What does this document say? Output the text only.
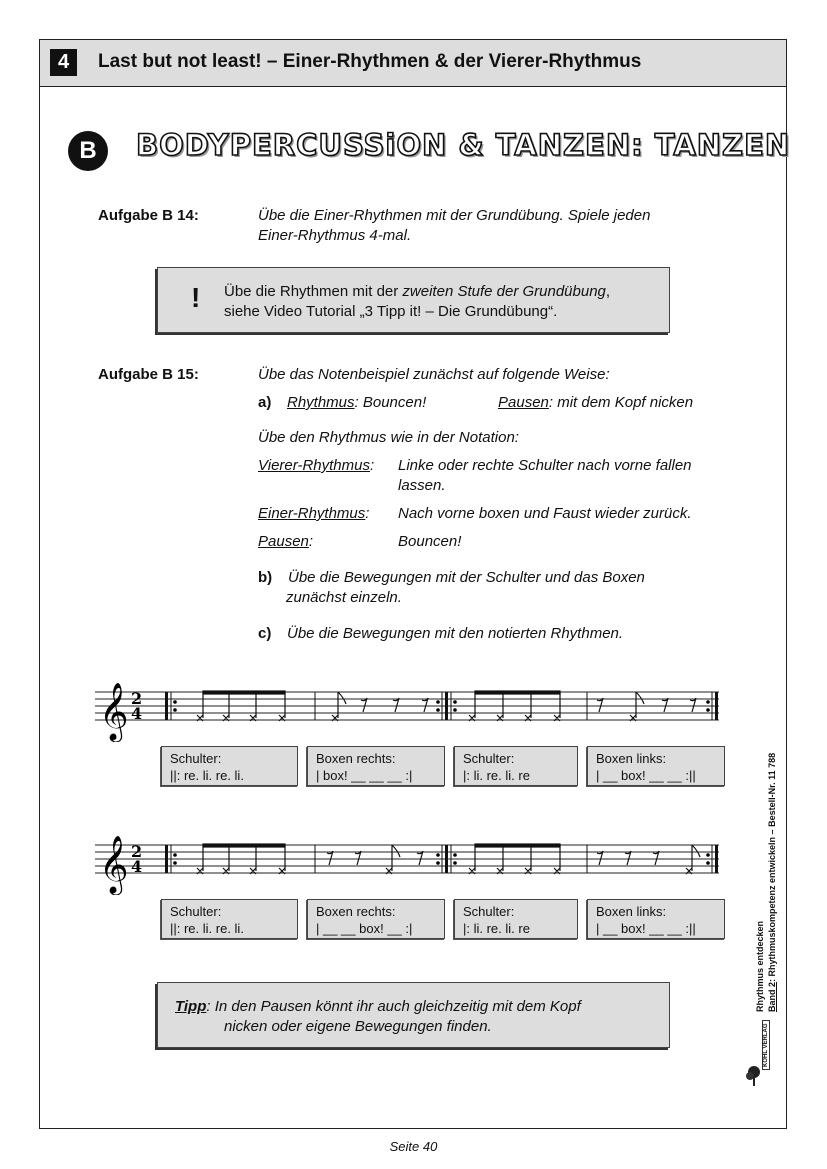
4	Last but not least! – Einer-Rhythmen & der Vierer-Rhythmus
B	BODYPERCUSSiON & TANZEN: TANZEN
Aufgabe B 14:	Übe die Einer-Rhythmen mit der Grundübung. Spiele jeden
Einer-Rhythmus 4-mal.
! Übe die Rhythmen mit der zweiten Stufe der Grundübung,
siehe Video Tutorial „3 Tipp it! – Die Grundübung“.
Aufgabe B 15:	Übe das Notenbeispiel zunächst auf folgende Weise:
a) Rhythmus: Bouncen!	Pausen: mit dem Kopf nicken
Übe den Rhythmus wie in der Notation:
Vierer-Rhythmus: Linke oder rechte Schulter nach vorne fallen
lassen.
Einer-Rhythmus: Nach vorne boxen und Faust wieder zurück.
Pausen:	Bouncen!
b) Übe die Bewegungen mit der Schulter und das Boxen
zunächst einzeln.
c) Übe die Bewegungen mit den notierten Rhythmen.
𝄞 2
4
Schulter:
||: re. li. re. li.
Boxen rechts:
| box! __ __ __ :|
Schulter:
|: li. re. li. re
Boxen links:
| __ box! __ __ :||
𝄞 2
4
Schulter:
||: re. li. re. li.
Boxen rechts:
| __ __ box! __ :|
Schulter:
|: li. re. li. re
Boxen links:
| __ box! __ __ :||
Tipp: In den Pausen könnt ihr auch gleichzeitig mit dem Kopf
nicken oder eigene Bewegungen finden.
Rhythmus entdecken Band 2: Rhythmuskompetenz entwickeln – Bestell-Nr. 11 788
KOHL VERLAG
Seite 40
